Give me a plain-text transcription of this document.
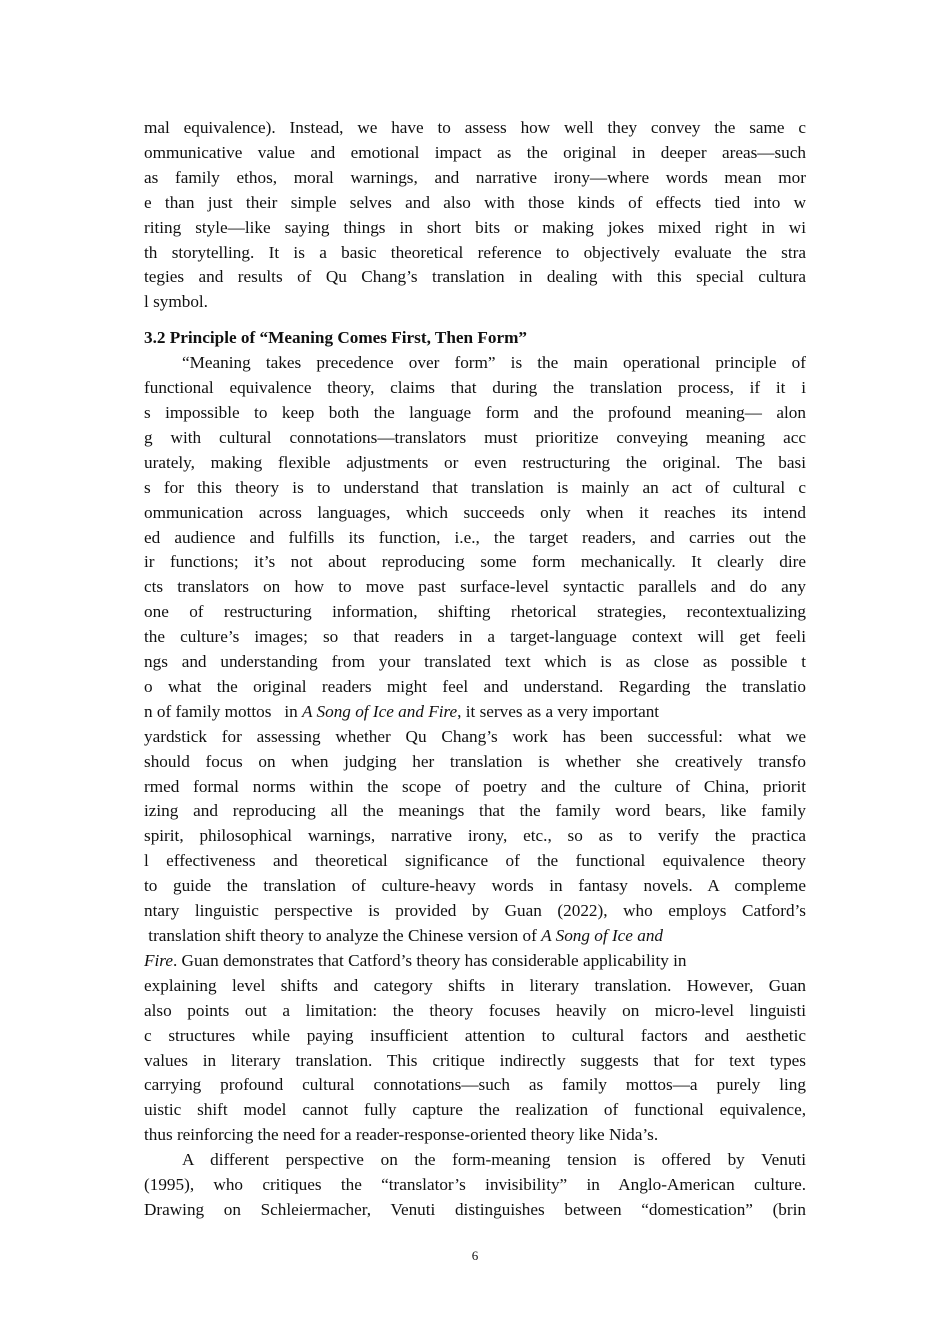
mal equivalence). Instead, we have to assess how well they convey the same c
ommunicative value and emotional impact as the original in deeper areas—such
as family ethos, moral warnings, and narrative irony—where words mean mor
e than just their simple selves and also with those kinds of effects tied into w
riting style—like saying things in short bits or making jokes mixed right in wi
th storytelling. It is a basic theoretical reference to objectively evaluate the stra
tegies and results of Qu Chang’s translation in dealing with this special cultura
l symbol.
3.2 Principle of “Meaning Comes First, Then Form”
“Meaning takes precedence over form” is the main operational principle of
functional equivalence theory, claims that during the translation process, if it i
s impossible to keep both the language form and the profound meaning— alon
g with cultural connotations—translators must prioritize conveying meaning acc
urately, making flexible adjustments or even restructuring the original. The basi
s for this theory is to understand that translation is mainly an act of cultural c
ommunication across languages, which succeeds only when it reaches its intend
ed audience and fulfills its function, i.e., the target readers, and carries out the
ir functions; it’s not about reproducing some form mechanically. It clearly dire
cts translators on how to move past surface-level syntactic parallels and do any
one of restructuring information, shifting rhetorical strategies, recontextualizing
the culture’s images; so that readers in a target-language context will get feeli
ngs and understanding from your translated text which is as close as possible t
o what the original readers might feel and understand. Regarding the translatio
n of family mottos   in A Song of Ice and Fire, it serves as a very important
yardstick for assessing whether Qu Chang’s work has been successful: what we
should focus on when judging her translation is whether she creatively transfo
rmed formal norms within the scope of poetry and the culture of China, priorit
izing and reproducing all the meanings that the family word bears, like family
spirit, philosophical warnings, narrative irony, etc., so as to verify the practica
l effectiveness and theoretical significance of the functional equivalence theory
to guide the translation of culture-heavy words in fantasy novels. A compleme
ntary linguistic perspective is provided by Guan (2022), who employs Catford’s
translation shift theory to analyze the Chinese version of A Song of Ice and
Fire. Guan demonstrates that Catford’s theory has considerable applicability in
explaining level shifts and category shifts in literary translation. However, Guan
also points out a limitation: the theory focuses heavily on micro-level linguisti
c structures while paying insufficient attention to cultural factors and aesthetic
values in literary translation. This critique indirectly suggests that for text types
carrying profound cultural connotations—such as family mottos—a purely ling
uistic shift model cannot fully capture the realization of functional equivalence,
thus reinforcing the need for a reader-response-oriented theory like Nida’s.
A different perspective on the form-meaning tension is offered by Venuti
(1995), who critiques the “translator’s invisibility” in Anglo-American culture.
Drawing on Schleiermacher, Venuti distinguishes between “domestication” (brin
6
